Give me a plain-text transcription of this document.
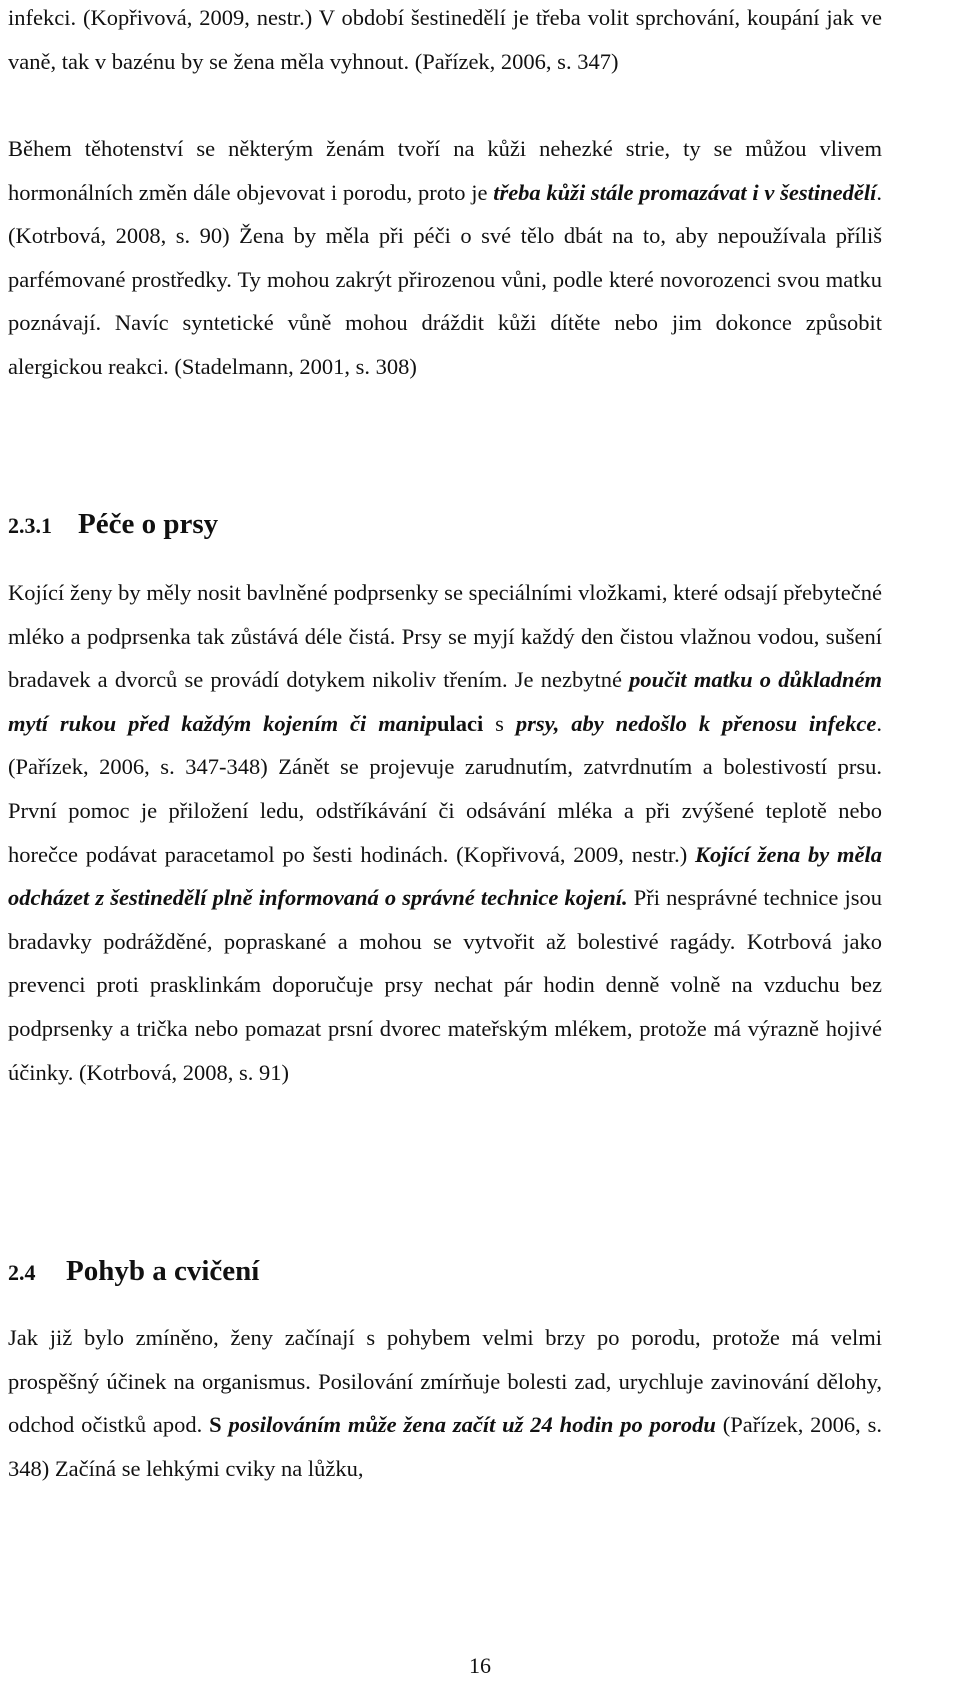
infekci. (Kopřivová, 2009, nestr.) V období šestinedělí je třeba volit sprchování, koupání jak ve vaně, tak v bazénu by se žena měla vyhnout. (Pařízek, 2006, s. 347)

Během těhotenství se některým ženám tvoří na kůži nehezké strie, ty se můžou vlivem hormonálních změn dále objevovat i porodu, proto je třeba kůži stále promazávat i v šestinedělí. (Kotrbová, 2008, s. 90) Žena by měla při péči o své tělo dbát na to, aby nepoužívala příliš parfémované prostředky. Ty mohou zakrýt přirozenou vůni, podle které novorozenci svou matku poznávají. Navíc syntetické vůně mohou dráždit kůži dítěte nebo jim dokonce způsobit alergickou reakci. (Stadelmann, 2001, s. 308)

2.3.1 Péče o prsy

Kojící ženy by měly nosit bavlněné podprsenky se speciálními vložkami, které odsají přebytečné mléko a podprsenka tak zůstává déle čistá. Prsy se myjí každý den čistou vlažnou vodou, sušení bradavek a dvorců se provádí dotykem nikoliv třením. Je nezbytné poučit matku o důkladném mytí rukou před každým kojením či manipulaci s prsy, aby nedošlo k přenosu infekce. (Pařízek, 2006, s. 347-348) Zánět se projevuje zarudnutím, zatvrdnutím a bolestivostí prsu. První pomoc je přiložení ledu, odstříkávání či odsávání mléka a při zvýšené teplotě nebo horečce podávat paracetamol po šesti hodinách. (Kopřivová, 2009, nestr.) Kojící žena by měla odcházet z šestinedělí plně informovaná o správné technice kojení. Při nesprávné technice jsou bradavky podrážděné, popraskané a mohou se vytvořit až bolestivé ragády. Kotrbová jako prevenci proti prasklinkám doporučuje prsy nechat pár hodin denně volně na vzduchu bez podprsenky a trička nebo pomazat prsní dvorec mateřským mlékem, protože má výrazně hojivé účinky. (Kotrbová, 2008, s. 91)

2.4 Pohyb a cvičení

Jak již bylo zmíněno, ženy začínají s pohybem velmi brzy po porodu, protože má velmi prospěšný účinek na organismus. Posilování zmírňuje bolesti zad, urychluje zavinování dělohy, odchod očistků apod. S posilováním může žena začít už 24 hodin po porodu (Pařízek, 2006, s. 348) Začíná se lehkými cviky na lůžku,

16
